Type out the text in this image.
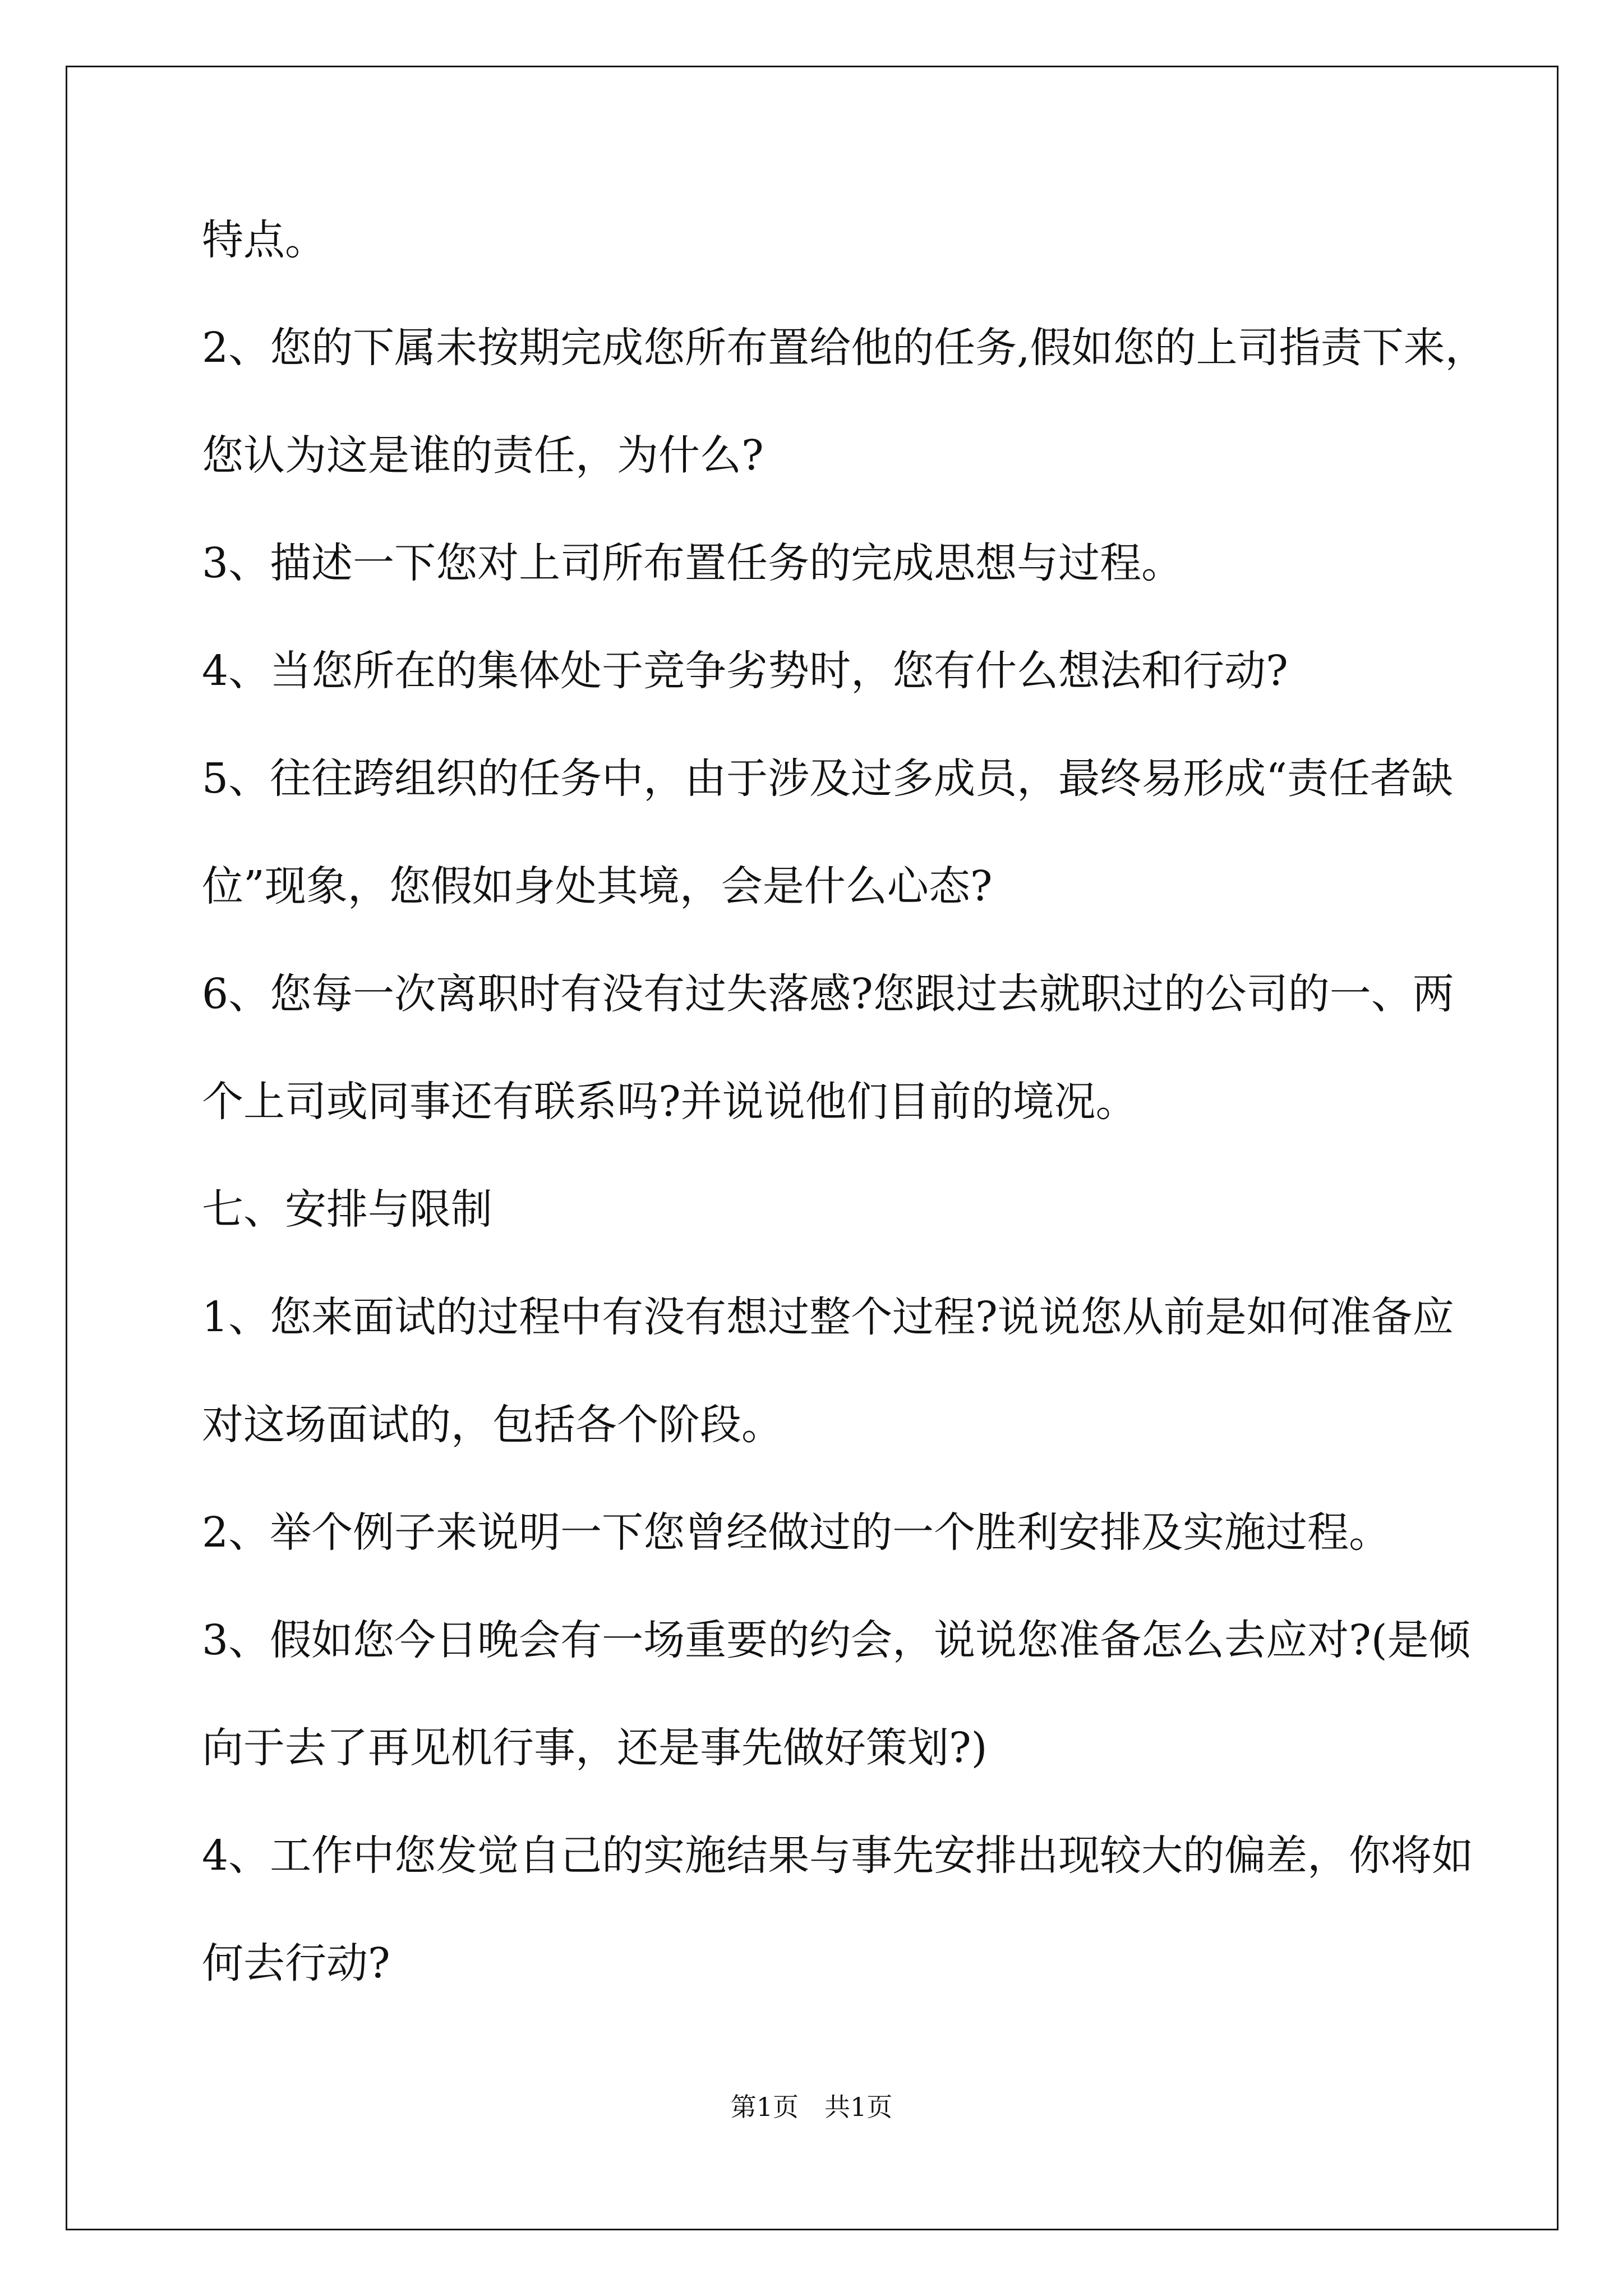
特点。

2、您的下属未按期完成您所布置给他的任务,假如您的上司指责下来，

您认为这是谁的责任，为什么?

3、描述一下您对上司所布置任务的完成思想与过程。

4、当您所在的集体处于竞争劣势时，您有什么想法和行动?

5、往往跨组织的任务中，由于涉及过多成员，最终易形成“责任者缺

位”现象，您假如身处其境，会是什么心态?

6、您每一次离职时有没有过失落感?您跟过去就职过的公司的一、两

个上司或同事还有联系吗?并说说他们目前的境况。

七、安排与限制

1、您来面试的过程中有没有想过整个过程?说说您从前是如何准备应

对这场面试的，包括各个阶段。

2、举个例子来说明一下您曾经做过的一个胜利安排及实施过程。

3、假如您今日晚会有一场重要的约会，说说您准备怎么去应对?(是倾

向于去了再见机行事，还是事先做好策划?)

4、工作中您发觉自己的实施结果与事先安排出现较大的偏差，你将如

何去行动?

第1页　共1页
